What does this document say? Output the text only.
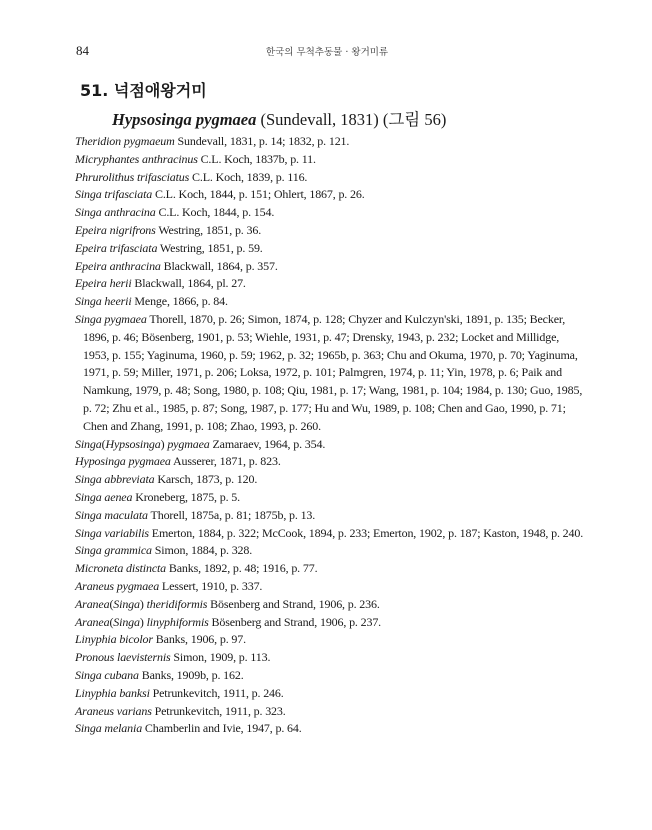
84	한국의 무척추동물 · 왕거미류
51. 넉점애왕거미
Hypsosinga pygmaea (Sundevall, 1831) (그림 56)
Theridion pygmaeum Sundevall, 1831, p. 14; 1832, p. 121.
Micryphantes anthracinus C.L. Koch, 1837b, p. 11.
Phrurolithus trifasciatus C.L. Koch, 1839, p. 116.
Singa trifasciata C.L. Koch, 1844, p. 151; Ohlert, 1867, p. 26.
Singa anthracina C.L. Koch, 1844, p. 154.
Epeira nigrifrons Westring, 1851, p. 36.
Epeira trifasciata Westring, 1851, p. 59.
Epeira anthracina Blackwall, 1864, p. 357.
Epeira herii Blackwall, 1864, pl. 27.
Singa heerii Menge, 1866, p. 84.
Singa pygmaea Thorell, 1870, p. 26; Simon, 1874, p. 128; Chyzer and Kulczyn'ski, 1891, p. 135; Becker, 1896, p. 46; Bösenberg, 1901, p. 53; Wiehle, 1931, p. 47; Drensky, 1943, p. 232; Locket and Millidge, 1953, p. 155; Yaginuma, 1960, p. 59; 1962, p. 32; 1965b, p. 363; Chu and Okuma, 1970, p. 70; Yaginuma, 1971, p. 59; Miller, 1971, p. 206; Loksa, 1972, p. 101; Palmgren, 1974, p. 11; Yin, 1978, p. 6; Paik and Namkung, 1979, p. 48; Song, 1980, p. 108; Qiu, 1981, p. 17; Wang, 1981, p. 104; 1984, p. 130; Guo, 1985, p. 72; Zhu et al., 1985, p. 87; Song, 1987, p. 177; Hu and Wu, 1989, p. 108; Chen and Gao, 1990, p. 71; Chen and Zhang, 1991, p. 108; Zhao, 1993, p. 260.
Singa(Hypsosinga) pygmaea Zamaraev, 1964, p. 354.
Hyposinga pygmaea Ausserer, 1871, p. 823.
Singa abbreviata Karsch, 1873, p. 120.
Singa aenea Kroneberg, 1875, p. 5.
Singa maculata Thorell, 1875a, p. 81; 1875b, p. 13.
Singa variabilis Emerton, 1884, p. 322; McCook, 1894, p. 233; Emerton, 1902, p. 187; Kaston, 1948, p. 240.
Singa grammica Simon, 1884, p. 328.
Microneta distincta Banks, 1892, p. 48; 1916, p. 77.
Araneus pygmaea Lessert, 1910, p. 337.
Aranea(Singa) theridiformis Bösenberg and Strand, 1906, p. 236.
Aranea(Singa) linyphiformis Bösenberg and Strand, 1906, p. 237.
Linyphia bicolor Banks, 1906, p. 97.
Pronous laevisternis Simon, 1909, p. 113.
Singa cubana Banks, 1909b, p. 162.
Linyphia banksi Petrunkevitch, 1911, p. 246.
Araneus varians Petrunkevitch, 1911, p. 323.
Singa melania Chamberlin and Ivie, 1947, p. 64.
